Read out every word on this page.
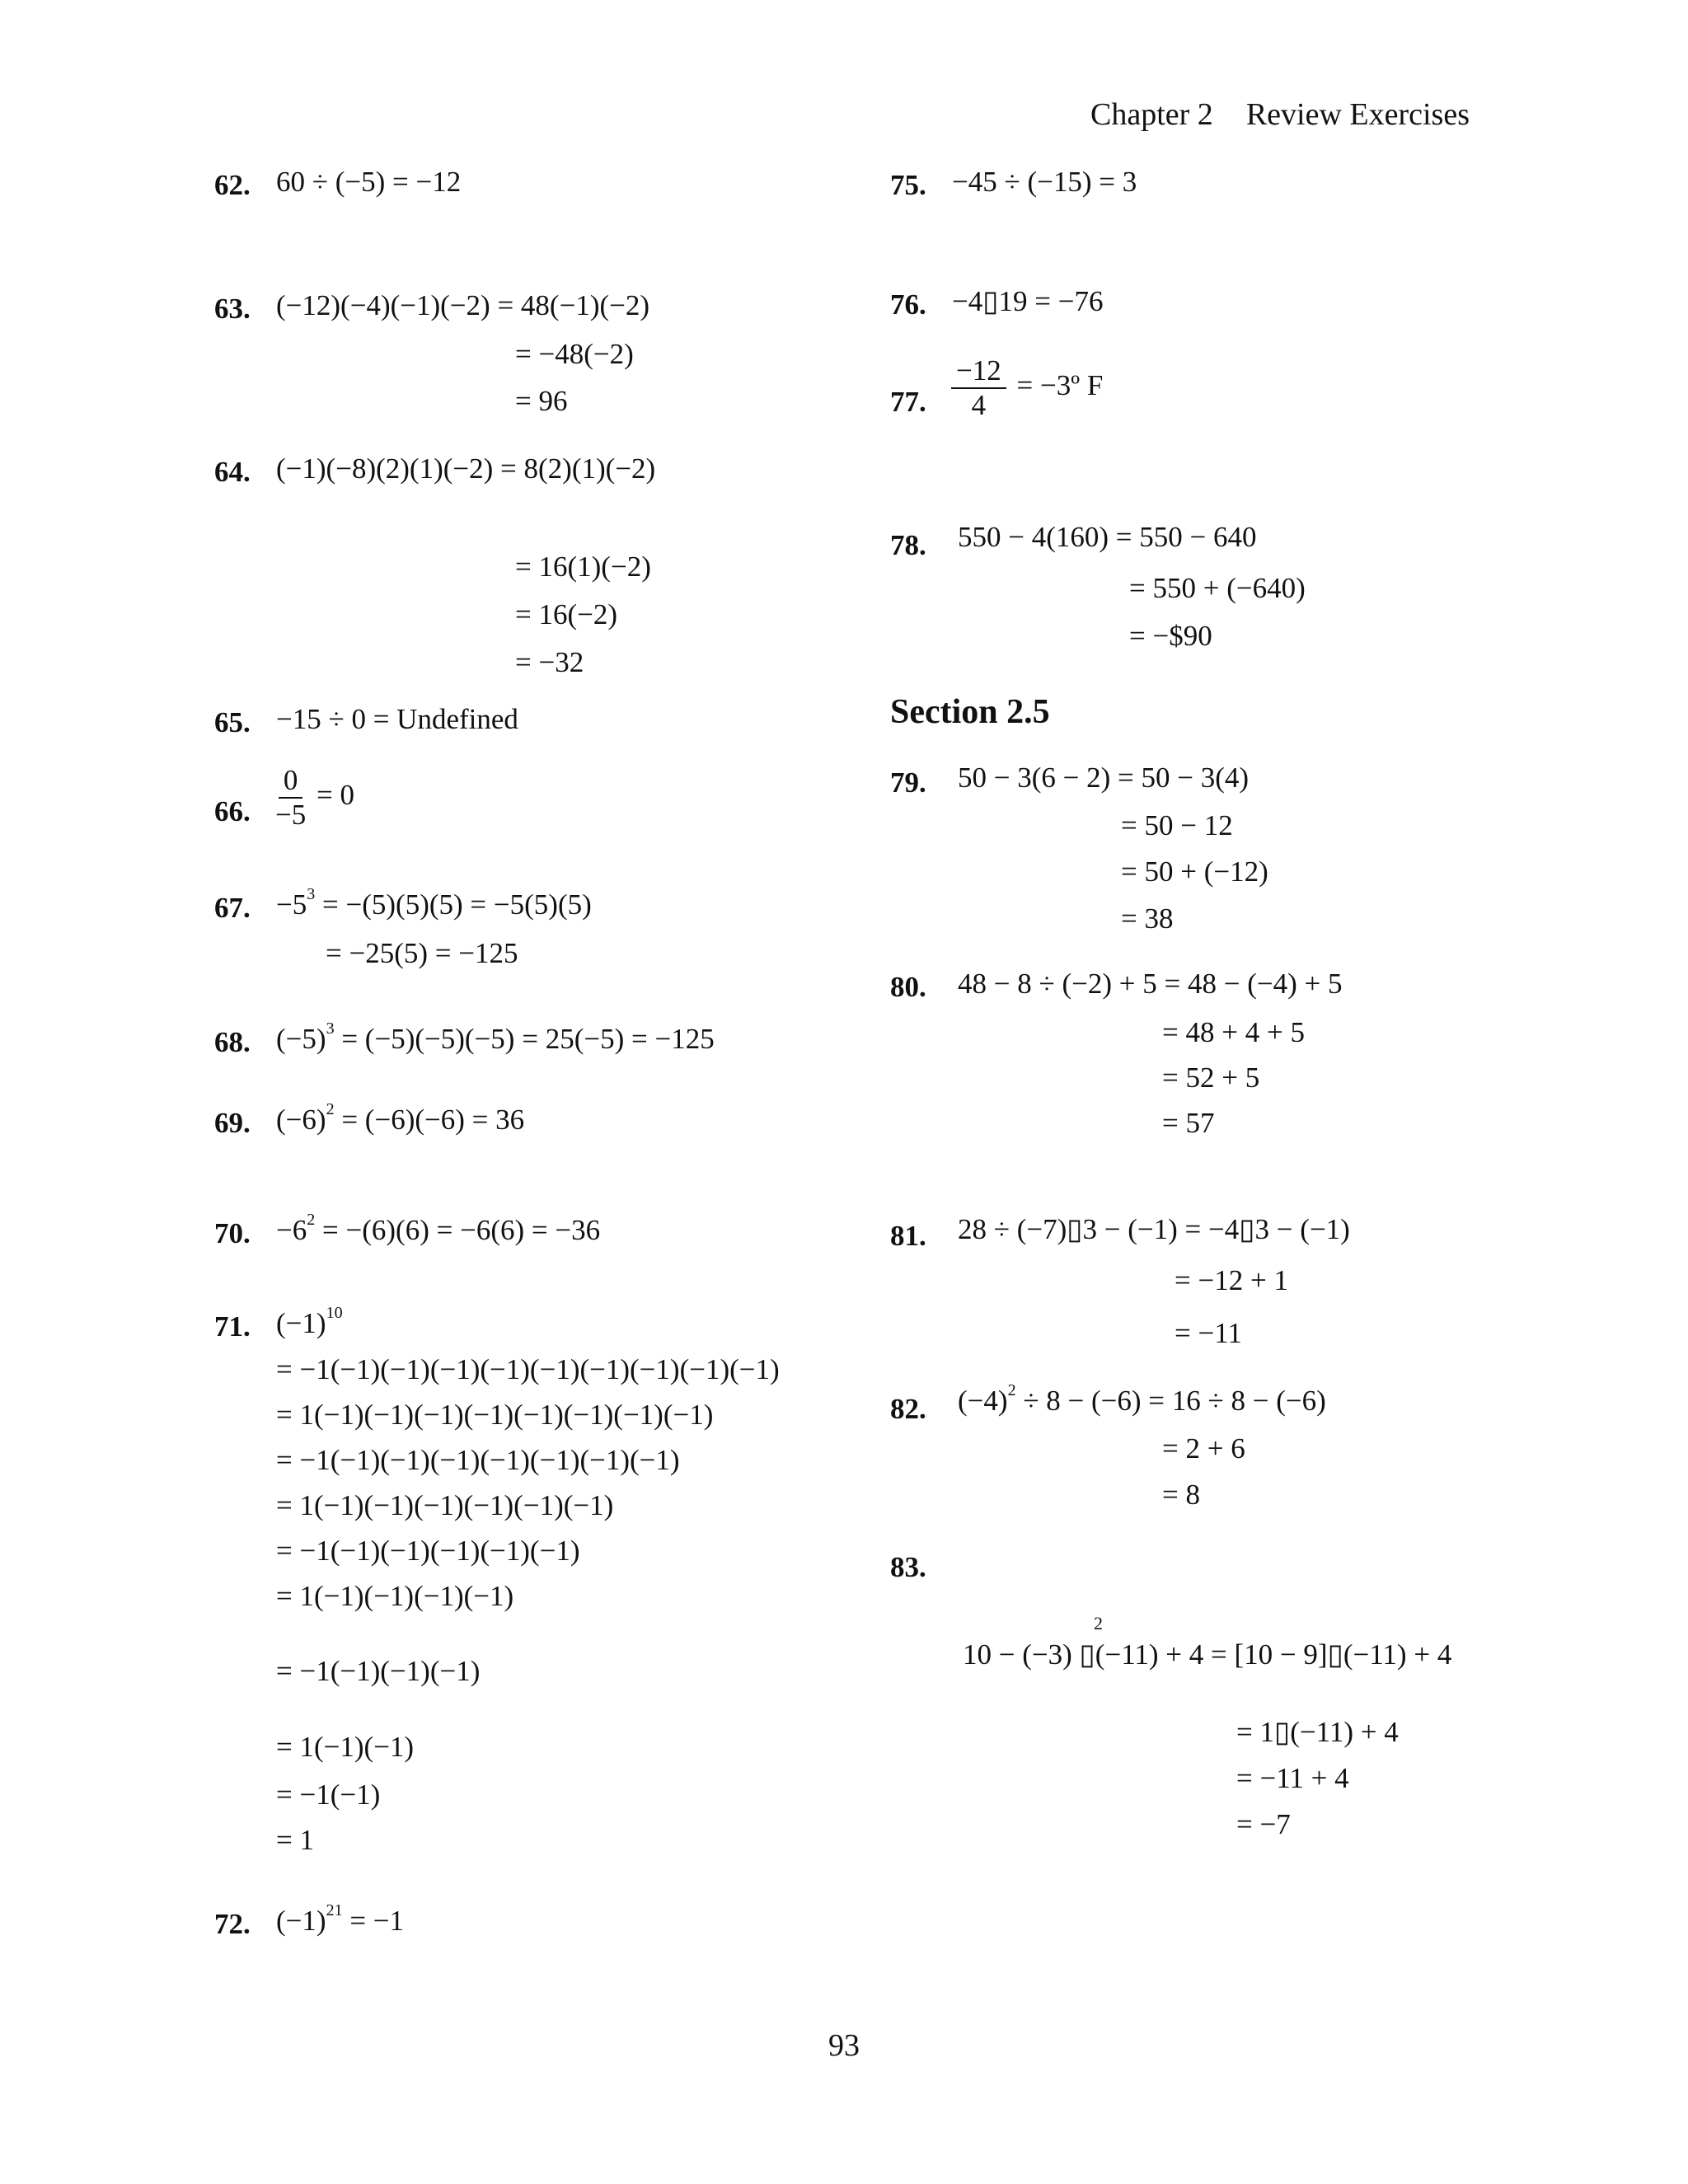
Chapter 2 Review Exercises
62. 60 ÷ (−5) = −12
63. (−12)(−4)(−1)(−2) = 48(−1)(−2)
= −48(−2)
= 96
64. (−1)(−8)(2)(1)(−2) = 8(2)(1)(−2)
= 16(1)(−2)
= 16(−2)
= −32
65. −15 ÷ 0 = Undefined
66. $\frac{0}{-5} = 0$
67. $-5^3 = -(5)(5)(5) = -5(5)(5)$
= −25(5) = −125
68. $(-5)^3 = (-5)(-5)(-5) = 25(-5) = -125$
69. $(-6)^2 = (-6)(-6) = 36$
70. $-6^2 = -(6)(6) = -6(6) = -36$
71. $(-1)^{10}$
= −1(−1)(−1)(−1)(−1)(−1)(−1)(−1)(−1)(−1)
= 1(−1)(−1)(−1)(−1)(−1)(−1)(−1)(−1)
= −1(−1)(−1)(−1)(−1)(−1)(−1)(−1)
= 1(−1)(−1)(−1)(−1)(−1)(−1)
= −1(−1)(−1)(−1)(−1)(−1)
= 1(−1)(−1)(−1)(−1)
= −1(−1)(−1)(−1)
= 1(−1)(−1)
= −1(−1)
= 1
72. $(-1)^{21} = -1$
75. −45 ÷ (−15) = 3
76. −4▯19 = −76
77. $\frac{-12}{4}$ = −3º F
78. 550 − 4(160) = 550 − 640
= 550 + (−640)
= −$90
Section 2.5
79. 50 − 3(6 − 2) = 50 − 3(4)
= 50 − 12
= 50 + (−12)
= 38
80. 48 − 8 ÷ (−2) + 5 = 48 − (−4) + 5
= 48 + 4 + 5
= 52 + 5
= 57
81. 28 ÷ (−7)▯3 − (−1) = −4▯3 − (−1)
= −12 + 1
= −11
82. $(-4)^2 \div 8 - (-6) = 16 \div 8 - (-6)$
= 2 + 6
= 8
83.
2
10 − (−3) ▯(−11) + 4 = [10 − 9]▯(−11) + 4
= 1▯(−11) + 4
= −11 + 4
= −7
93
